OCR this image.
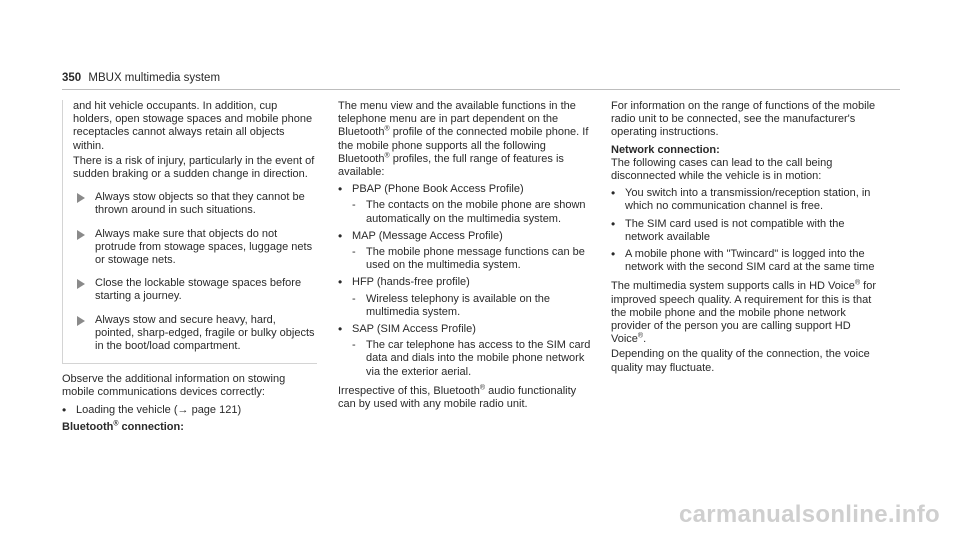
350 MBUX multimedia system

and hit vehicle occupants. In addition, cup holders, open stowage spaces and mobile phone receptacles cannot always retain all objects within.

There is a risk of injury, particularly in the event of sudden braking or a sudden change in direction.

Always stow objects so that they cannot be thrown around in such situations.
Always make sure that objects do not protrude from stowage spaces, luggage nets or stowage nets.
Close the lockable stowage spaces before starting a journey.
Always stow and secure heavy, hard, pointed, sharp-edged, fragile or bulky objects in the boot/load compartment.

Observe the additional information on stowing mobile communications devices correctly:

• Loading the vehicle (→ page 121)
Bluetooth® connection:

The menu view and the available functions in the telephone menu are in part dependent on the Bluetooth® profile of the connected mobile phone. If the mobile phone supports all the following Bluetooth® profiles, the full range of features is available:

• PBAP (Phone Book Access Profile)
- The contacts on the mobile phone are shown automatically on the multimedia system.
• MAP (Message Access Profile)
- The mobile phone message functions can be used on the multimedia system.
• HFP (hands-free profile)
- Wireless telephony is available on the multimedia system.
• SAP (SIM Access Profile)
- The car telephone has access to the SIM card data and dials into the mobile phone network via the exterior aerial.

Irrespective of this, Bluetooth® audio functionality can by used with any mobile radio unit.

For information on the range of functions of the mobile radio unit to be connected, see the manufacturer's operating instructions.

Network connection:

The following cases can lead to the call being disconnected while the vehicle is in motion:

• You switch into a transmission/reception station, in which no communication channel is free.
• The SIM card used is not compatible with the network available
• A mobile phone with "Twincard" is logged into the network with the second SIM card at the same time

The multimedia system supports calls in HD Voice® for improved speech quality. A requirement for this is that the mobile phone and the mobile phone network provider of the person you are calling support HD Voice®.

Depending on the quality of the connection, the voice quality may fluctuate.

carmanualsonline.info
